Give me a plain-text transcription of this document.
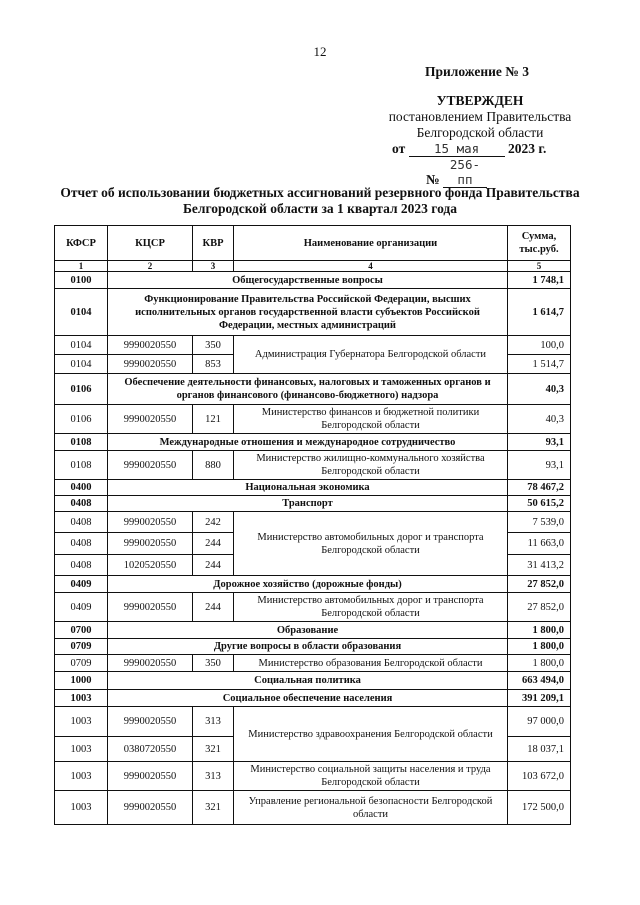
12
Приложение № 3
УТВЕРЖДЕН
постановлением Правительства
Белгородской области
от 15 мая 2023 г.
№ 256-пп
Отчет об использовании бюджетных ассигнований резервного фонда Правительства
Белгородской области за 1 квартал 2023 года
КФСР	КЦСР	КВР	Наименование организации	Сумма, тыс.руб.
1	2	3	4	5
0100	Общегосударственные вопросы			1 748,1
0104	Функционирование Правительства Российской Федерации, высших исполнительных органов государственной власти субъектов Российской Федерации, местных администраций			1 614,7
0104	9990020550	350	Администрация Губернатора Белгородской области	100,0
0104	9990020550	853		1 514,7
0106	Обеспечение деятельности финансовых, налоговых и таможенных органов и органов финансового (финансово-бюджетного) надзора			40,3
0106	9990020550	121	Министерство финансов и бюджетной политики Белгородской области	40,3
0108	Международные отношения и международное сотрудничество			93,1
0108	9990020550	880	Министерство жилищно-коммунального хозяйства Белгородской области	93,1
0400	Национальная экономика			78 467,2
0408	Транспорт			50 615,2
0408	9990020550	242	Министерство автомобильных дорог и транспорта Белгородской области	7 539,0
0408	9990020550	244		11 663,0
0408	1020520550	244		31 413,2
0409	Дорожное хозяйство (дорожные фонды)			27 852,0
0409	9990020550	244	Министерство автомобильных дорог и транспорта Белгородской области	27 852,0
0700	Образование			1 800,0
0709	Другие вопросы в области образования			1 800,0
0709	9990020550	350	Министерство образования Белгородской области	1 800,0
1000	Социальная политика			663 494,0
1003	Социальное обеспечение населения			391 209,1
1003	9990020550	313	Министерство здравоохранения Белгородской области	97 000,0
1003	0380720550	321		18 037,1
1003	9990020550	313	Министерство социальной защиты населения и труда Белгородской области	103 672,0
1003	9990020550	321	Управление региональной безопасности Белгородской области	172 500,0
